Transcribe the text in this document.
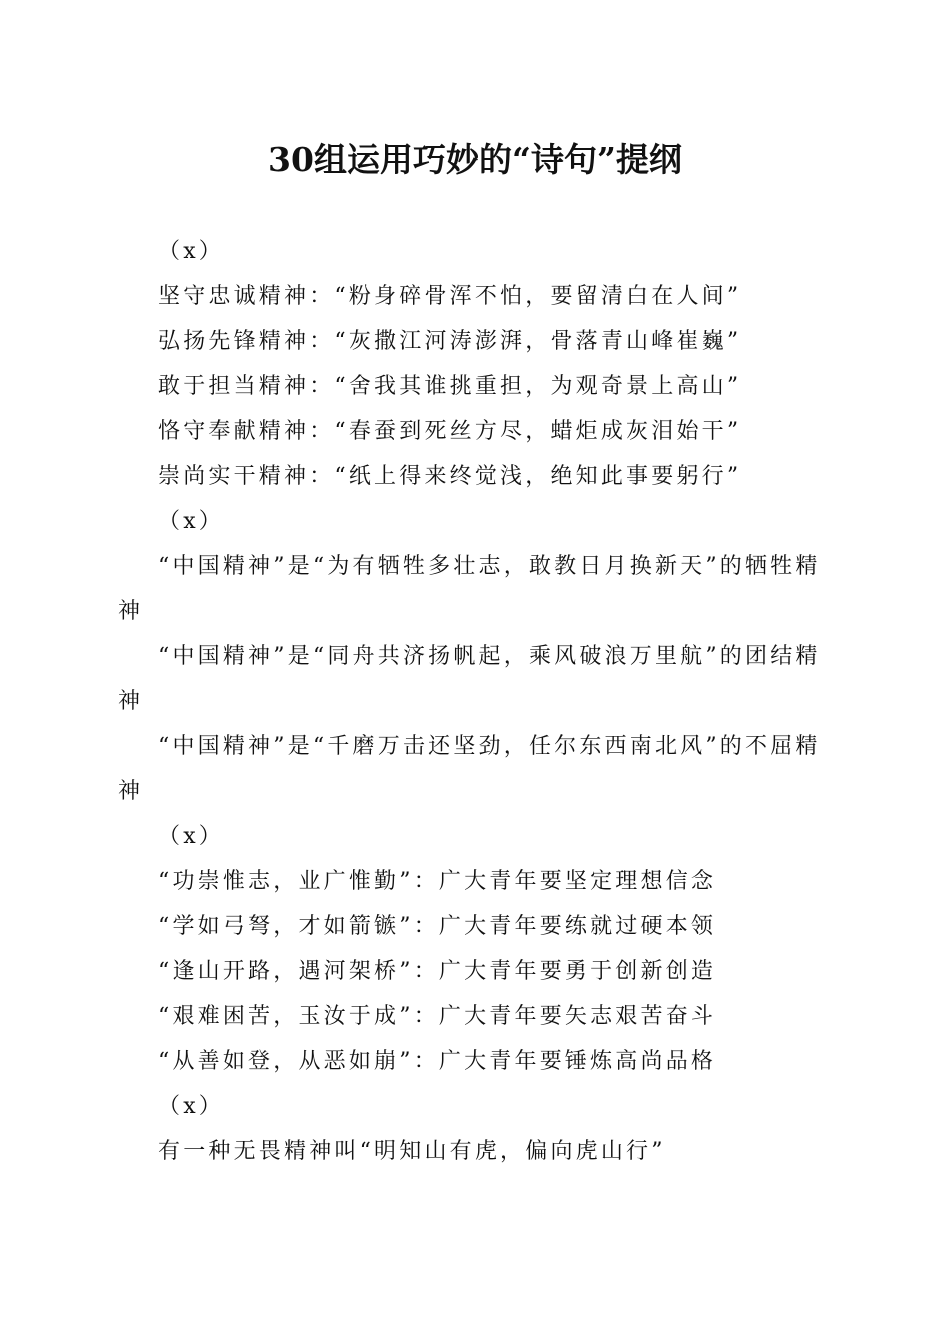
30组运用巧妙的“诗句”提纲

（x）

坚守忠诚精神：“粉身碎骨浑不怕，要留清白在人间”

弘扬先锋精神：“灰撒江河涛澎湃，骨落青山峰崔巍”

敢于担当精神：“舍我其谁挑重担，为观奇景上高山”

恪守奉献精神：“春蚕到死丝方尽，蜡炬成灰泪始干”

崇尚实干精神：“纸上得来终觉浅，绝知此事要躬行”

（x）

“中国精神”是“为有牺牲多壮志，敢教日月换新天”的牺牲精神

“中国精神”是“同舟共济扬帆起，乘风破浪万里航”的团结精神

“中国精神”是“千磨万击还坚劲，任尔东西南北风”的不屈精神

（x）

“功崇惟志，业广惟勤”：广大青年要坚定理想信念

“学如弓弩，才如箭镞”：广大青年要练就过硬本领

“逢山开路，遇河架桥”：广大青年要勇于创新创造

“艰难困苦，玉汝于成”：广大青年要矢志艰苦奋斗

“从善如登，从恶如崩”：广大青年要锤炼高尚品格

（x）

有一种无畏精神叫“明知山有虎，偏向虎山行”
